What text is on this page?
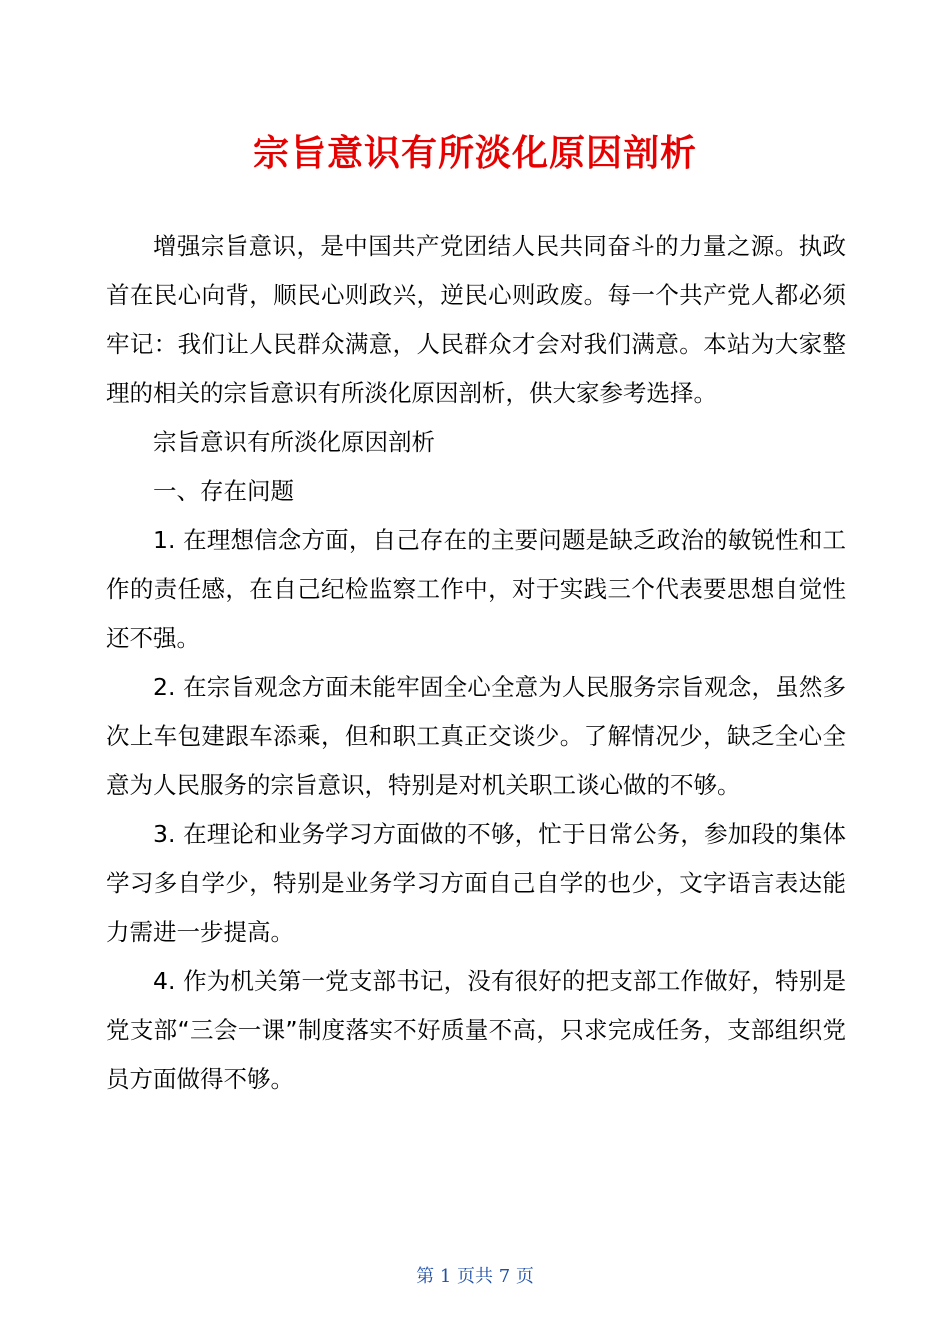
宗旨意识有所淡化原因剖析

增强宗旨意识，是中国共产党团结人民共同奋斗的力量之源。执政首在民心向背，顺民心则政兴，逆民心则政废。每一个共产党人都必须牢记：我们让人民群众满意，人民群众才会对我们满意。本站为大家整理的相关的宗旨意识有所淡化原因剖析，供大家参考选择。

宗旨意识有所淡化原因剖析

一、存在问题

1. 在理想信念方面，自己存在的主要问题是缺乏政治的敏锐性和工作的责任感，在自己纪检监察工作中，对于实践三个代表要思想自觉性还不强。

2. 在宗旨观念方面未能牢固全心全意为人民服务宗旨观念，虽然多次上车包建跟车添乘，但和职工真正交谈少。了解情况少，缺乏全心全意为人民服务的宗旨意识，特别是对机关职工谈心做的不够。

3. 在理论和业务学习方面做的不够，忙于日常公务，参加段的集体学习多自学少，特别是业务学习方面自己自学的也少，文字语言表达能力需进一步提高。

4. 作为机关第一党支部书记，没有很好的把支部工作做好，特别是党支部“三会一课”制度落实不好质量不高，只求完成任务，支部组织党员方面做得不够。

第 1 页共 7 页
